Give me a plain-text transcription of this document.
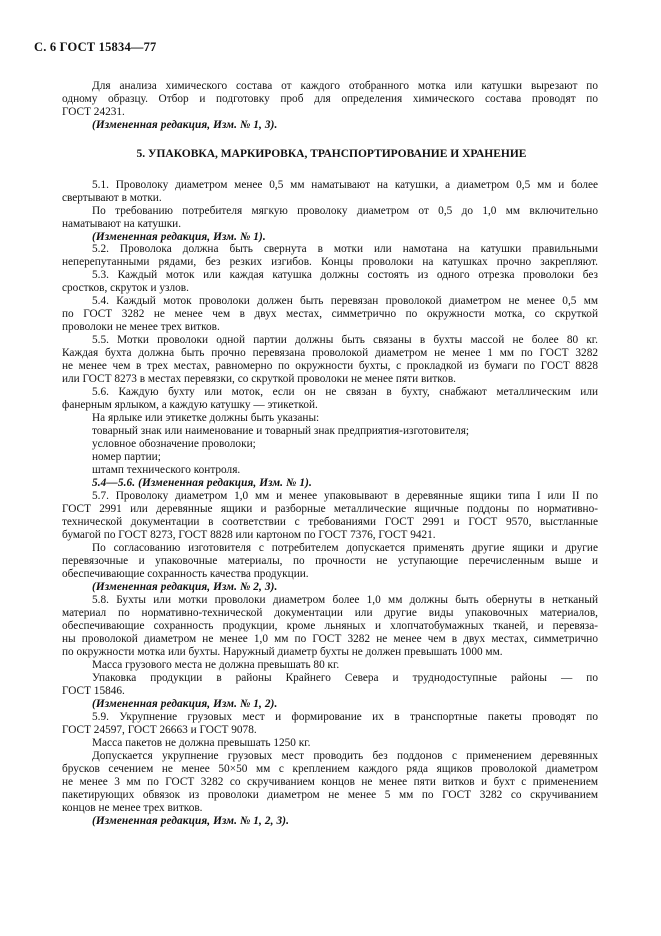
С. 6 ГОСТ 15834—77
5. УПАКОВКА, МАРКИРОВКА, ТРАНСПОРТИРОВАНИЕ И ХРАНЕНИЕ
Для анализа химического состава от каждого отобранного мотка или катушки вырезают по
одному образцу. Отбор и подготовку проб для определения химического состава проводят по
ГОСТ 24231.
(Измененная редакция, Изм. № 1, 3).
5.1. Проволоку диаметром менее 0,5 мм наматывают на катушки, а диаметром 0,5 мм и более
свертывают в мотки.
По требованию потребителя мягкую проволоку диаметром от 0,5 до 1,0 мм включительно
наматывают на катушки.
(Измененная редакция, Изм. № 1).
5.2. Проволока должна быть свернута в мотки или намотана на катушки правильными
неперепутанными рядами, без резких изгибов. Концы проволоки на катушках прочно закрепляют.
5.3. Каждый моток или каждая катушка должны состоять из одного отрезка проволоки без
сростков, скруток и узлов.
5.4. Каждый моток проволоки должен быть перевязан проволокой диаметром не менее 0,5 мм
по ГОСТ 3282 не менее чем в двух местах, симметрично по окружности мотка, со скруткой
проволоки не менее трех витков.
5.5. Мотки проволоки одной партии должны быть связаны в бухты массой не более 80 кг.
Каждая бухта должна быть прочно перевязана проволокой диаметром не менее 1 мм по ГОСТ 3282
не менее чем в трех местах, равномерно по окружности бухты, с прокладкой из бумаги по ГОСТ 8828
или ГОСТ 8273 в местах перевязки, со скруткой проволоки не менее пяти витков.
5.6. Каждую бухту или моток, если он не связан в бухту, снабжают металлическим или
фанерным ярлыком, а каждую катушку — этикеткой.
На ярлыке или этикетке должны быть указаны:
товарный знак или наименование и товарный знак предприятия-изготовителя;
условное обозначение проволоки;
номер партии;
штамп технического контроля.
5.4—5.6. (Измененная редакция, Изм. № 1).
5.7. Проволоку диаметром 1,0 мм и менее упаковывают в деревянные ящики типа I или II по
ГОСТ 2991 или деревянные ящики и разборные металлические ящичные поддоны по нормативно-
технической документации в соответствии с требованиями ГОСТ 2991 и ГОСТ 9570, выстланные
бумагой по ГОСТ 8273, ГОСТ 8828 или картоном по ГОСТ 7376, ГОСТ 9421.
По согласованию изготовителя с потребителем допускается применять другие ящики и другие
перевязочные и упаковочные материалы, по прочности не уступающие перечисленным выше и
обеспечивающие сохранность качества продукции.
(Измененная редакция, Изм. № 2, 3).
5.8. Бухты или мотки проволоки диаметром более 1,0 мм должны быть обернуты в нетканый
материал по нормативно-технической документации или другие виды упаковочных материалов,
обеспечивающие сохранность продукции, кроме льняных и хлопчатобумажных тканей, и перевяза-
ны проволокой диаметром не менее 1,0 мм по ГОСТ 3282 не менее чем в двух местах, симметрично
по окружности мотка или бухты. Наружный диаметр бухты не должен превышать 1000 мм.
Масса грузового места не должна превышать 80 кг.
Упаковка продукции в районы Крайнего Севера и труднодоступные районы — по
ГОСТ 15846.
(Измененная редакция, Изм. № 1, 2).
5.9. Укрупнение грузовых мест и формирование их в транспортные пакеты проводят по
ГОСТ 24597, ГОСТ 26663 и ГОСТ 9078.
Масса пакетов не должна превышать 1250 кг.
Допускается укрупнение грузовых мест проводить без поддонов с применением деревянных
брусков сечением не менее 50×50 мм с креплением каждого ряда ящиков проволокой диаметром
не менее 3 мм по ГОСТ 3282 со скручиванием концов не менее пяти витков и бухт с применением
пакетирующих обвязок из проволоки диаметром не менее 5 мм по ГОСТ 3282 со скручиванием
концов не менее трех витков.
(Измененная редакция, Изм. № 1, 2, 3).
